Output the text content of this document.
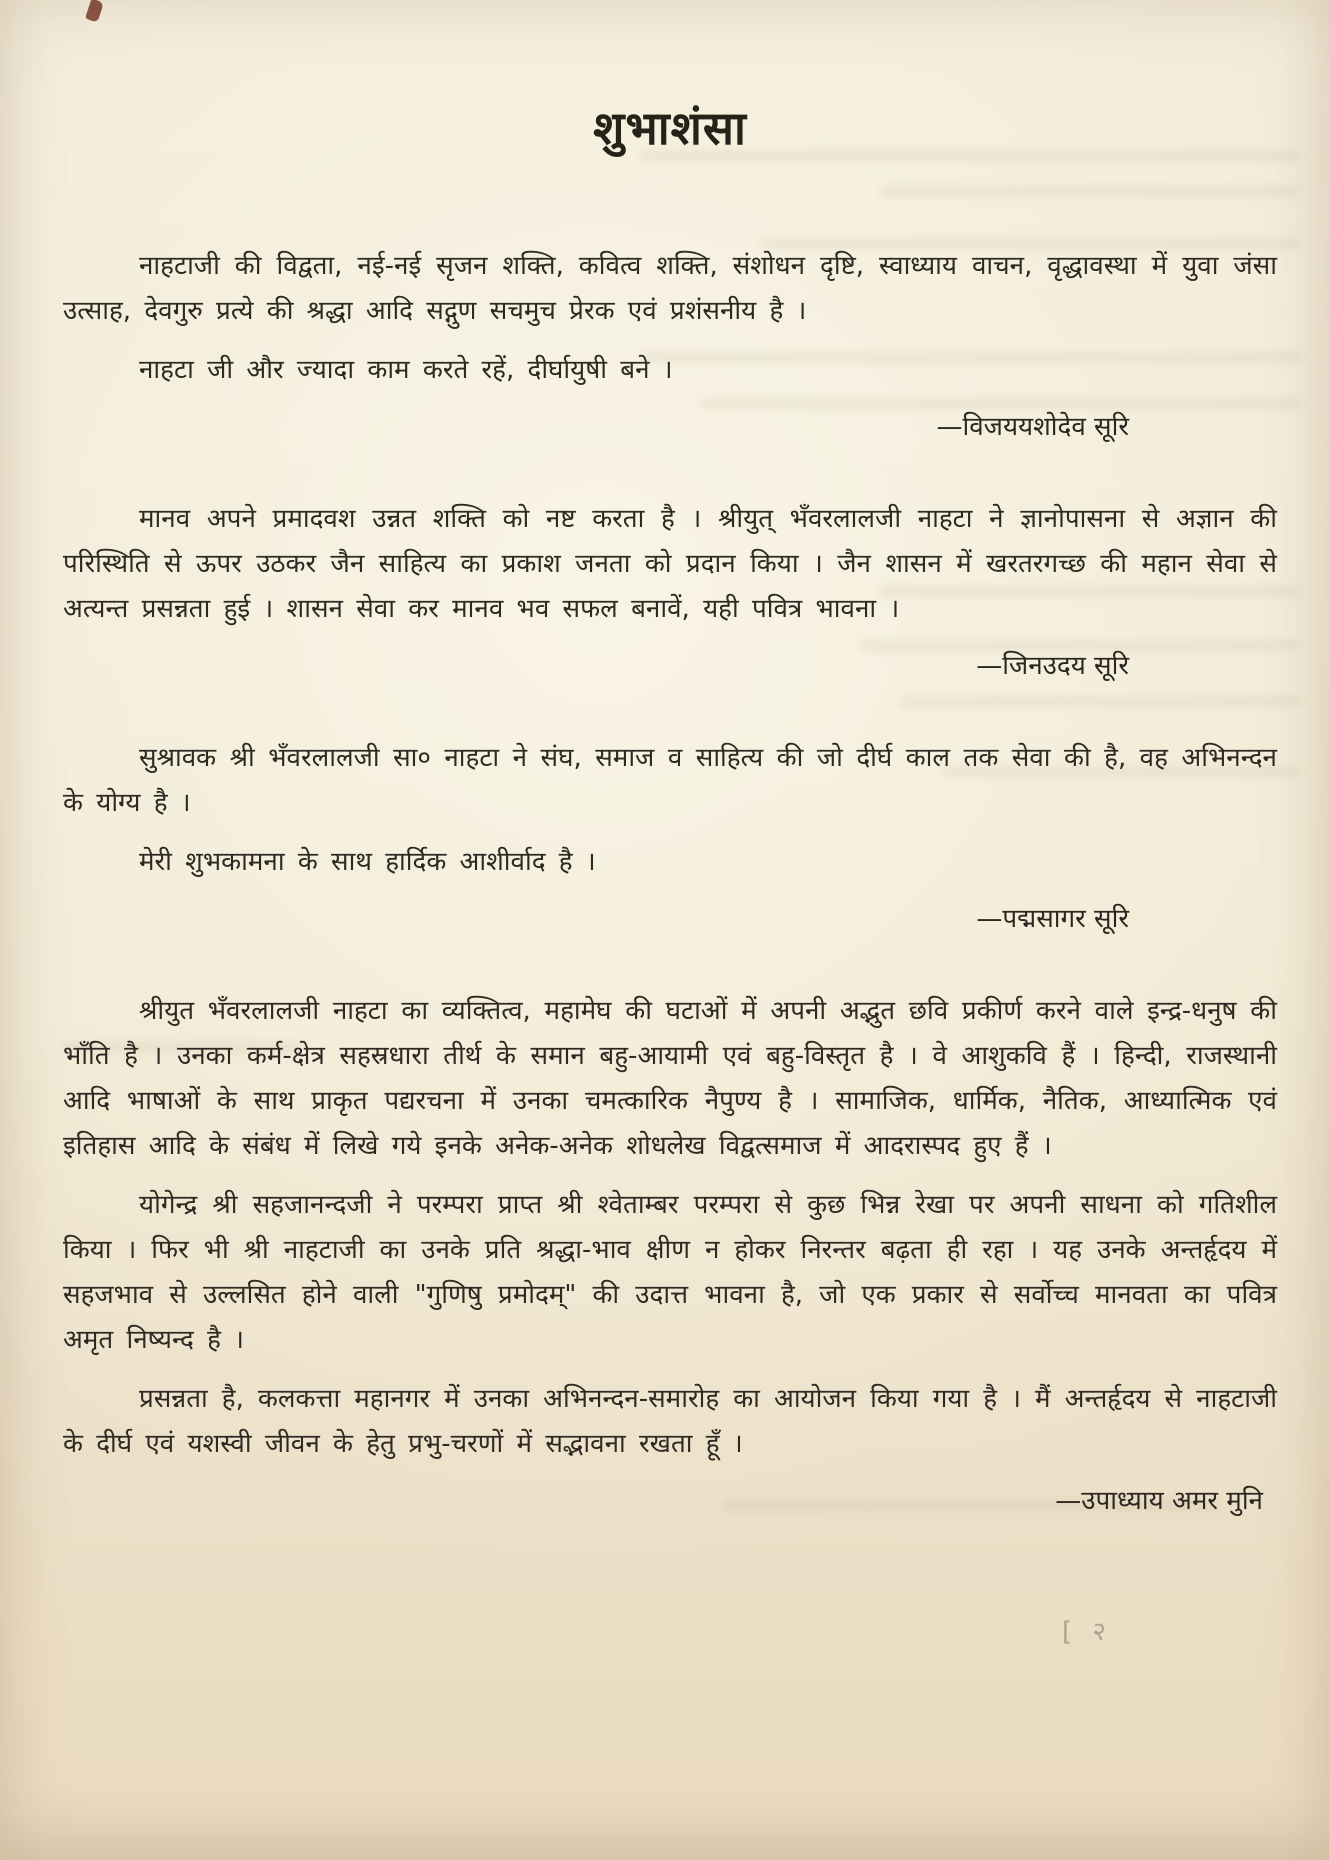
शुभाशंसा

नाहटाजी की विद्वता, नई-नई सृजन शक्ति, कवित्व शक्ति, संशोधन दृष्टि, स्वाध्याय वाचन, वृद्धावस्था में युवा जंसा उत्साह, देवगुरु प्रत्ये की श्रद्धा आदि सद्गुण सचमुच प्रेरक एवं प्रशंसनीय है ।

नाहटा जी और ज्यादा काम करते रहें, दीर्घायुषी बने ।

—विजययशोदेव सूरि

मानव अपने प्रमादवश उन्नत शक्ति को नष्ट करता है । श्रीयुत् भँवरलालजी नाहटा ने ज्ञानोपासना से अज्ञान की परिस्थिति से ऊपर उठकर जैन साहित्य का प्रकाश जनता को प्रदान किया । जैन शासन में खरतरगच्छ की महान सेवा से अत्यन्त प्रसन्नता हुई । शासन सेवा कर मानव भव सफल बनावें, यही पवित्र भावना ।

—जिनउदय सूरि

सुश्रावक श्री भँवरलालजी सा० नाहटा ने संघ, समाज व साहित्य की जो दीर्घ काल तक सेवा की है, वह अभिनन्दन के योग्य है ।

मेरी शुभकामना के साथ हार्दिक आशीर्वाद है ।

—पद्मसागर सूरि

श्रीयुत भँवरलालजी नाहटा का व्यक्तित्व, महामेघ की घटाओं में अपनी अद्भुत छवि प्रकीर्ण करने वाले इन्द्र-धनुष की भाँति है । उनका कर्म-क्षेत्र सहस्रधारा तीर्थ के समान बहु-आयामी एवं बहु-विस्तृत है । वे आशुकवि हैं । हिन्दी, राजस्थानी आदि भाषाओं के साथ प्राकृत पद्यरचना में उनका चमत्कारिक नैपुण्य है । सामाजिक, धार्मिक, नैतिक, आध्यात्मिक एवं इतिहास आदि के संबंध में लिखे गये इनके अनेक-अनेक शोधलेख विद्वत्समाज में आदरास्पद हुए हैं ।

योगेन्द्र श्री सहजानन्दजी ने परम्परा प्राप्त श्री श्वेताम्बर परम्परा से कुछ भिन्न रेखा पर अपनी साधना को गतिशील किया । फिर भी श्री नाहटाजी का उनके प्रति श्रद्धा-भाव क्षीण न होकर निरन्तर बढ़ता ही रहा । यह उनके अन्तर्हृदय में सहजभाव से उल्लसित होने वाली "गुणिषु प्रमोदम्" की उदात्त भावना है, जो एक प्रकार से सर्वोच्च मानवता का पवित्र अमृत निष्यन्द है ।

प्रसन्नता है, कलकत्ता महानगर में उनका अभिनन्दन-समारोह का आयोजन किया गया है । मैं अन्तर्हृदय से नाहटाजी के दीर्घ एवं यशस्वी जीवन के हेतु प्रभु-चरणों में सद्भावना रखता हूँ ।

—उपाध्याय अमर मुनि
[ २
